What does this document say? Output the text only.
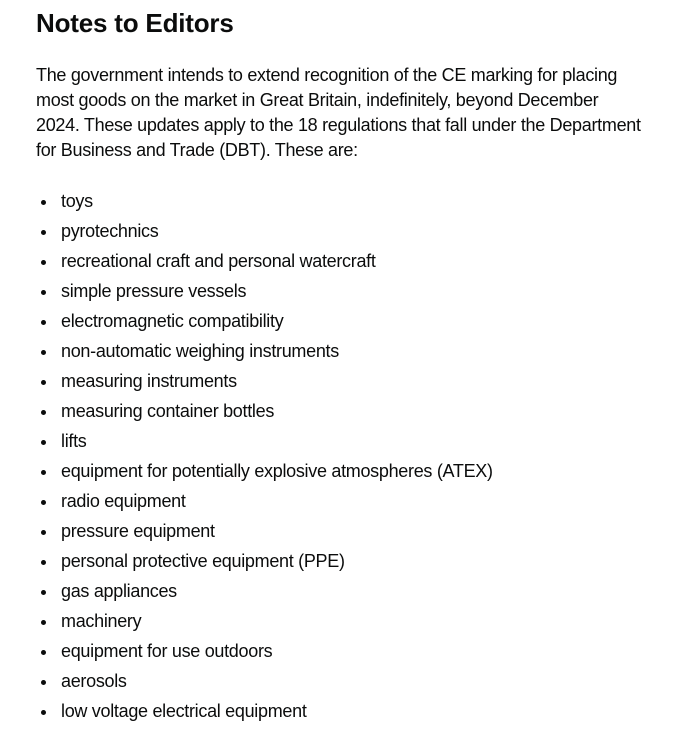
Notes to Editors

The government intends to extend recognition of the CE marking for placing most goods on the market in Great Britain, indefinitely, beyond December 2024. These updates apply to the 18 regulations that fall under the Department for Business and Trade (DBT). These are:

• toys
• pyrotechnics
• recreational craft and personal watercraft
• simple pressure vessels
• electromagnetic compatibility
• non-automatic weighing instruments
• measuring instruments
• measuring container bottles
• lifts
• equipment for potentially explosive atmospheres (ATEX)
• radio equipment
• pressure equipment
• personal protective equipment (PPE)
• gas appliances
• machinery
• equipment for use outdoors
• aerosols
• low voltage electrical equipment
